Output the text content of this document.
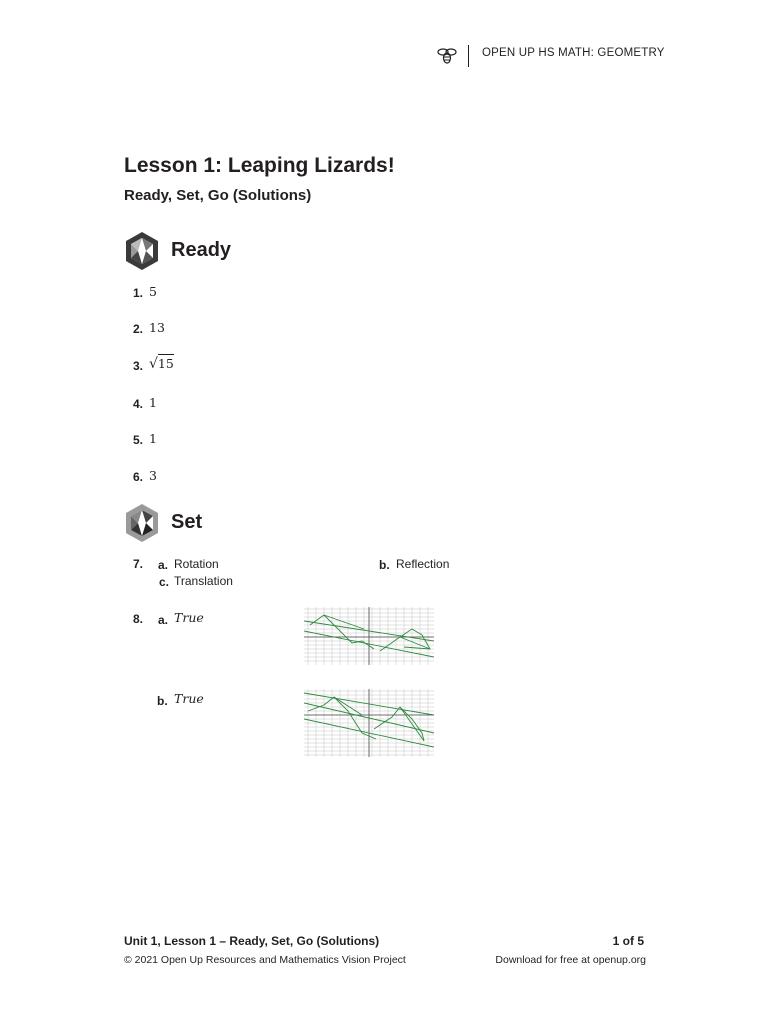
OPEN UP HS MATH: GEOMETRY
Lesson 1: Leaping Lizards!
Ready, Set, Go (Solutions)
Ready
1. 5
2. 13
3. √15
4. 1
5. 1
6. 3
Set
7. a. Rotation	b. Reflection
c. Translation
8. a. True
b. True
Unit 1, Lesson 1 – Ready, Set, Go (Solutions)
© 2021 Open Up Resources and Mathematics Vision Project
1 of 5
Download for free at openup.org
